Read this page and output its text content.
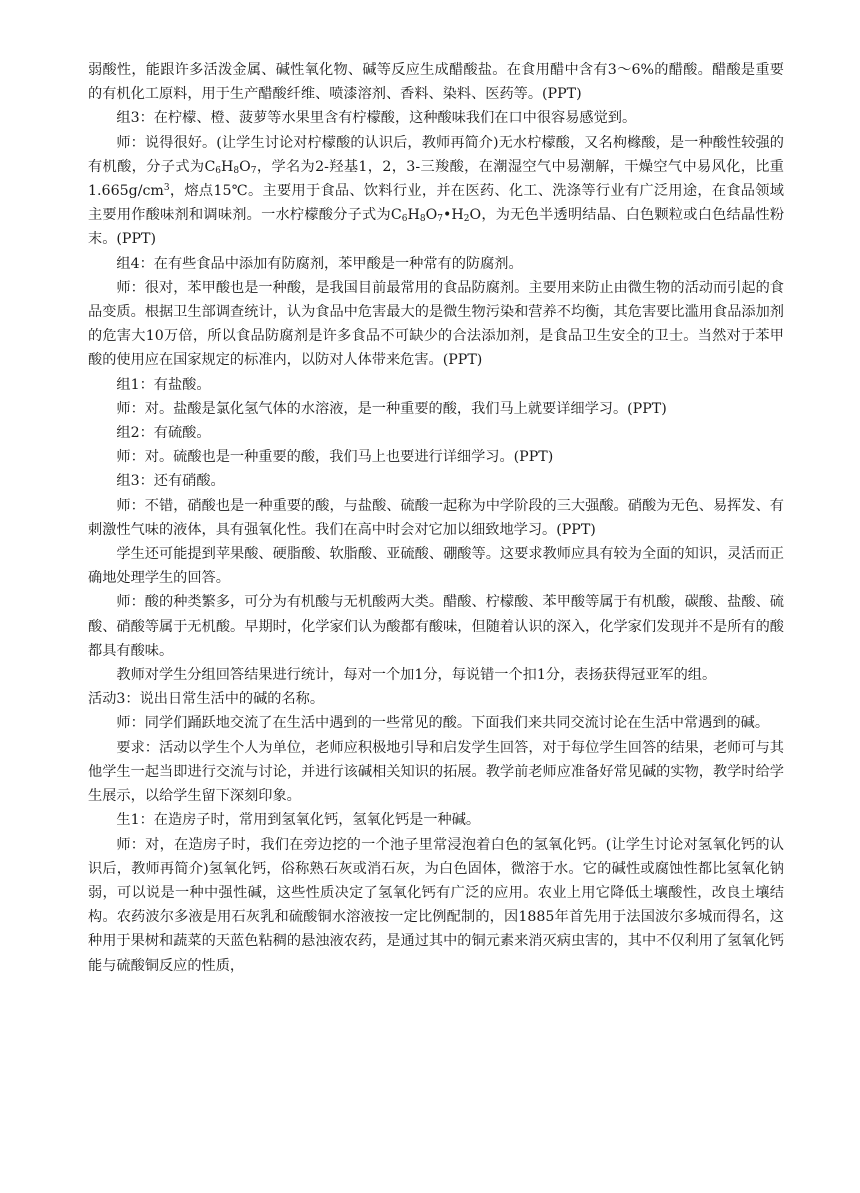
弱酸性，能跟许多活泼金属、碱性氧化物、碱等反应生成醋酸盐。在食用醋中含有3～6%的醋酸。醋酸是重要的有机化工原料，用于生产醋酸纤维、喷漆溶剂、香料、染料、医药等。(PPT)

组3：在柠檬、橙、菠萝等水果里含有柠檬酸，这种酸味我们在口中很容易感觉到。

师：说得很好。(让学生讨论对柠檬酸的认识后，教师再简介)无水柠檬酸，又名枸橼酸，是一种酸性较强的有机酸，分子式为$C_6H_8O_7$，学名为2-羟基1，2，3-三羧酸，在潮湿空气中易潮解，干燥空气中易风化，比重$1.665g/cm^3$，熔点15℃。主要用于食品、饮料行业，并在医药、化工、洗涤等行业有广泛用途，在食品领域主要用作酸味剂和调味剂。一水柠檬酸分子式为$C_6H_8O_7•H_2O$，为无色半透明结晶、白色颗粒或白色结晶性粉末。(PPT)

组4：在有些食品中添加有防腐剂，苯甲酸是一种常有的防腐剂。

师：很对，苯甲酸也是一种酸，是我国目前最常用的食品防腐剂。主要用来防止由微生物的活动而引起的食品变质。根据卫生部调查统计，认为食品中危害最大的是微生物污染和营养不均衡，其危害要比滥用食品添加剂的危害大10万倍，所以食品防腐剂是许多食品不可缺少的合法添加剂，是食品卫生安全的卫士。当然对于苯甲酸的使用应在国家规定的标准内，以防对人体带来危害。(PPT)

组1：有盐酸。

师：对。盐酸是氯化氢气体的水溶液，是一种重要的酸，我们马上就要详细学习。(PPT)

组2：有硫酸。

师：对。硫酸也是一种重要的酸，我们马上也要进行详细学习。(PPT)

组3：还有硝酸。

师：不错，硝酸也是一种重要的酸，与盐酸、硫酸一起称为中学阶段的三大强酸。硝酸为无色、易挥发、有刺激性气味的液体，具有强氧化性。我们在高中时会对它加以细致地学习。(PPT)

学生还可能提到苹果酸、硬脂酸、软脂酸、亚硫酸、硼酸等。这要求教师应具有较为全面的知识，灵活而正确地处理学生的回答。

师：酸的种类繁多，可分为有机酸与无机酸两大类。醋酸、柠檬酸、苯甲酸等属于有机酸，碳酸、盐酸、硫酸、硝酸等属于无机酸。早期时，化学家们认为酸都有酸味，但随着认识的深入，化学家们发现并不是所有的酸都具有酸味。

教师对学生分组回答结果进行统计，每对一个加1分，每说错一个扣1分，表扬获得冠亚军的组。

活动3：说出日常生活中的碱的名称。

师：同学们踊跃地交流了在生活中遇到的一些常见的酸。下面我们来共同交流讨论在生活中常遇到的碱。

要求：活动以学生个人为单位，老师应积极地引导和启发学生回答，对于每位学生回答的结果，老师可与其他学生一起当即进行交流与讨论，并进行该碱相关知识的拓展。教学前老师应准备好常见碱的实物，教学时给学生展示，以给学生留下深刻印象。

生1：在造房子时，常用到氢氧化钙，氢氧化钙是一种碱。

师：对，在造房子时，我们在旁边挖的一个池子里常浸泡着白色的氢氧化钙。(让学生讨论对氢氧化钙的认识后，教师再简介)氢氧化钙，俗称熟石灰或消石灰，为白色固体，微溶于水。它的碱性或腐蚀性都比氢氧化钠弱，可以说是一种中强性碱，这些性质决定了氢氧化钙有广泛的应用。农业上用它降低土壤酸性，改良土壤结构。农药波尔多液是用石灰乳和硫酸铜水溶液按一定比例配制的，因1885年首先用于法国波尔多城而得名，这种用于果树和蔬菜的天蓝色粘稠的悬浊液农药，是通过其中的铜元素来消灭病虫害的，其中不仅利用了氢氧化钙能与硫酸铜反应的性质，
